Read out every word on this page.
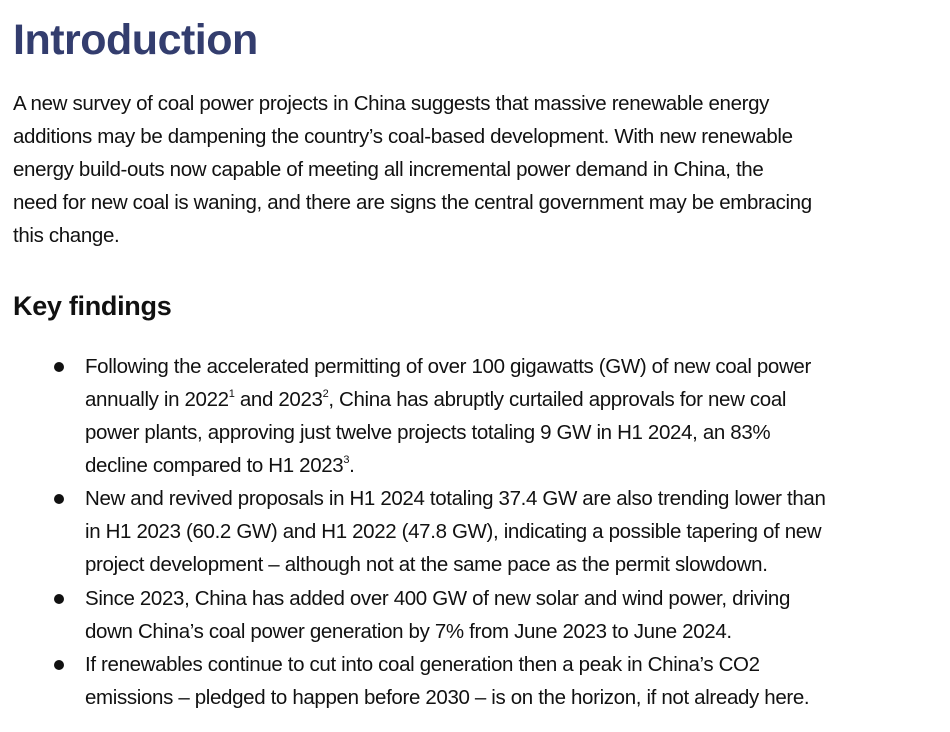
Introduction
A new survey of coal power projects in China suggests that massive renewable energy
additions may be dampening the country’s coal-based development. With new renewable
energy build-outs now capable of meeting all incremental power demand in China, the
need for new coal is waning, and there are signs the central government may be embracing
this change.
Key findings
Following the accelerated permitting of over 100 gigawatts (GW) of new coal power
annually in 2022$^1$ and 2023$^2$, China has abruptly curtailed approvals for new coal
power plants, approving just twelve projects totaling 9 GW in H1 2024, an 83%
decline compared to H1 2023$^3$.
New and revived proposals in H1 2024 totaling 37.4 GW are also trending lower than
in H1 2023 (60.2 GW) and H1 2022 (47.8 GW), indicating a possible tapering of new
project development – although not at the same pace as the permit slowdown.
Since 2023, China has added over 400 GW of new solar and wind power, driving
down China’s coal power generation by 7% from June 2023 to June 2024.
If renewables continue to cut into coal generation then a peak in China’s CO2
emissions – pledged to happen before 2030 – is on the horizon, if not already here.
